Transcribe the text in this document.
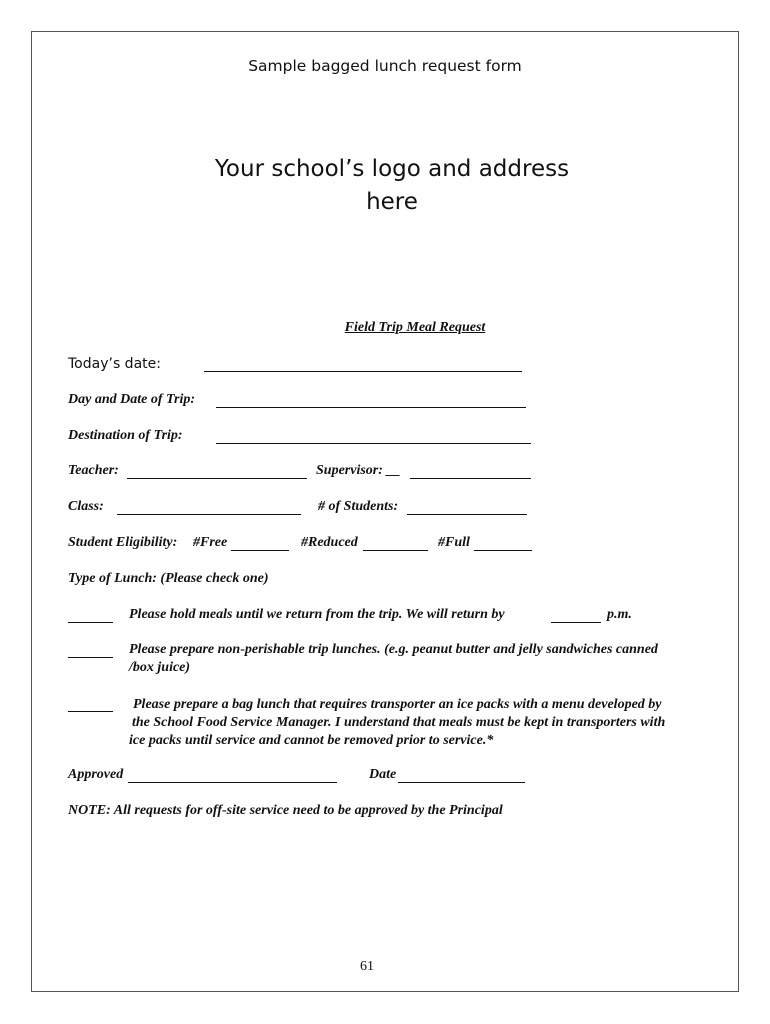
Sample bagged lunch request form
Your school’s logo and address
here
Field Trip Meal Request
Today’s date:
Day and Date of Trip:
Destination of Trip:
Teacher:	Supervisor: __
Class:	# of Students:
Student Eligibility: #Free	#Reduced	#Full
Type of Lunch: (Please check one)
Please hold meals until we return from the trip. We will return by	p.m.
Please prepare non-perishable trip lunches. (e.g. peanut butter and jelly sandwiches canned
/box juice)
Please prepare a bag lunch that requires transporter an ice packs with a menu developed by
the School Food Service Manager. I understand that meals must be kept in transporters with
ice packs until service and cannot be removed prior to service.*
Approved	Date
NOTE: All requests for off-site service need to be approved by the Principal
61
